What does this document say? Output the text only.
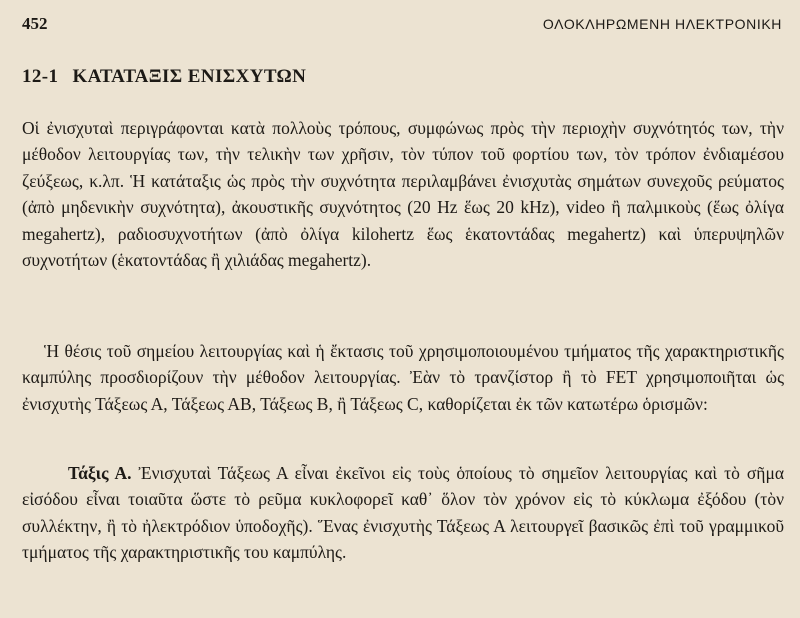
452	ΟΛΟΚΛΗΡΩΜΕΝΗ ΗΛΕΚΤΡΟΝΙΚΗ
12-1 ΚΑΤΑΤΑΞΙΣ ΕΝΙΣΧΥΤΩΝ

Οἱ ἐνισχυταὶ περιγράφονται κατὰ πολλοὺς τρόπους, συμφώνως πρὸς τὴν περιοχὴν συχνότητός των, τὴν μέθοδον λειτουργίας των, τὴν τελικὴν των χρῆσιν, τὸν τύπον τοῦ φορτίου των, τὸν τρόπον ἐνδιαμέσου ζεύξεως, κ.λπ. Ἡ κατάταξις ὡς πρὸς τὴν συχνότητα περιλαμβάνει ἐνισχυτὰς σημάτων συνεχοῦς ρεύματος (ἀπὸ μηδενικὴν συχνότητα), ἀκουστικῆς συχνότητος (20 Hz ἕως 20 kHz), video ἢ παλμικοὺς (ἕως ὀλίγα megahertz), ραδιοσυχνοτήτων (ἀπὸ ὀλίγα kilohertz ἕως ἑκατοντάδας megahertz) καὶ ὑπερυψηλῶν συχνοτήτων (ἑκατοντάδας ἢ χιλιάδας megahertz).

Ἡ θέσις τοῦ σημείου λειτουργίας καὶ ἡ ἔκτασις τοῦ χρησιμοποιουμένου τμήματος τῆς χαρακτηριστικῆς καμπύλης προσδιορίζουν τὴν μέθοδον λειτουργίας. Ἐὰν τὸ τρανζίστορ ἢ τὸ FET χρησιμοποιῆται ὡς ἐνισχυτὴς Τάξεως Α, Τάξεως ΑΒ, Τάξεως Β, ἢ Τάξεως C, καθορίζεται ἐκ τῶν κατωτέρω ὁρισμῶν:

Τάξις Α. Ἐνισχυταὶ Τάξεως Α εἶναι ἐκεῖνοι εἰς τοὺς ὁποίους τὸ σημεῖον λειτουργίας καὶ τὸ σῆμα εἰσόδου εἶναι τοιαῦτα ὥστε τὸ ρεῦμα κυκλοφορεῖ καθ᾽ ὅλον τὸν χρόνον εἰς τὸ κύκλωμα ἐξόδου (τὸν συλλέκτην, ἢ τὸ ἠλεκτρόδιον ὑποδοχῆς). Ἕνας ἐνισχυτὴς Τάξεως Α λειτουργεῖ βασικῶς ἐπὶ τοῦ γραμμικοῦ τμήματος τῆς χαρακτηριστικῆς του καμπύλης.
